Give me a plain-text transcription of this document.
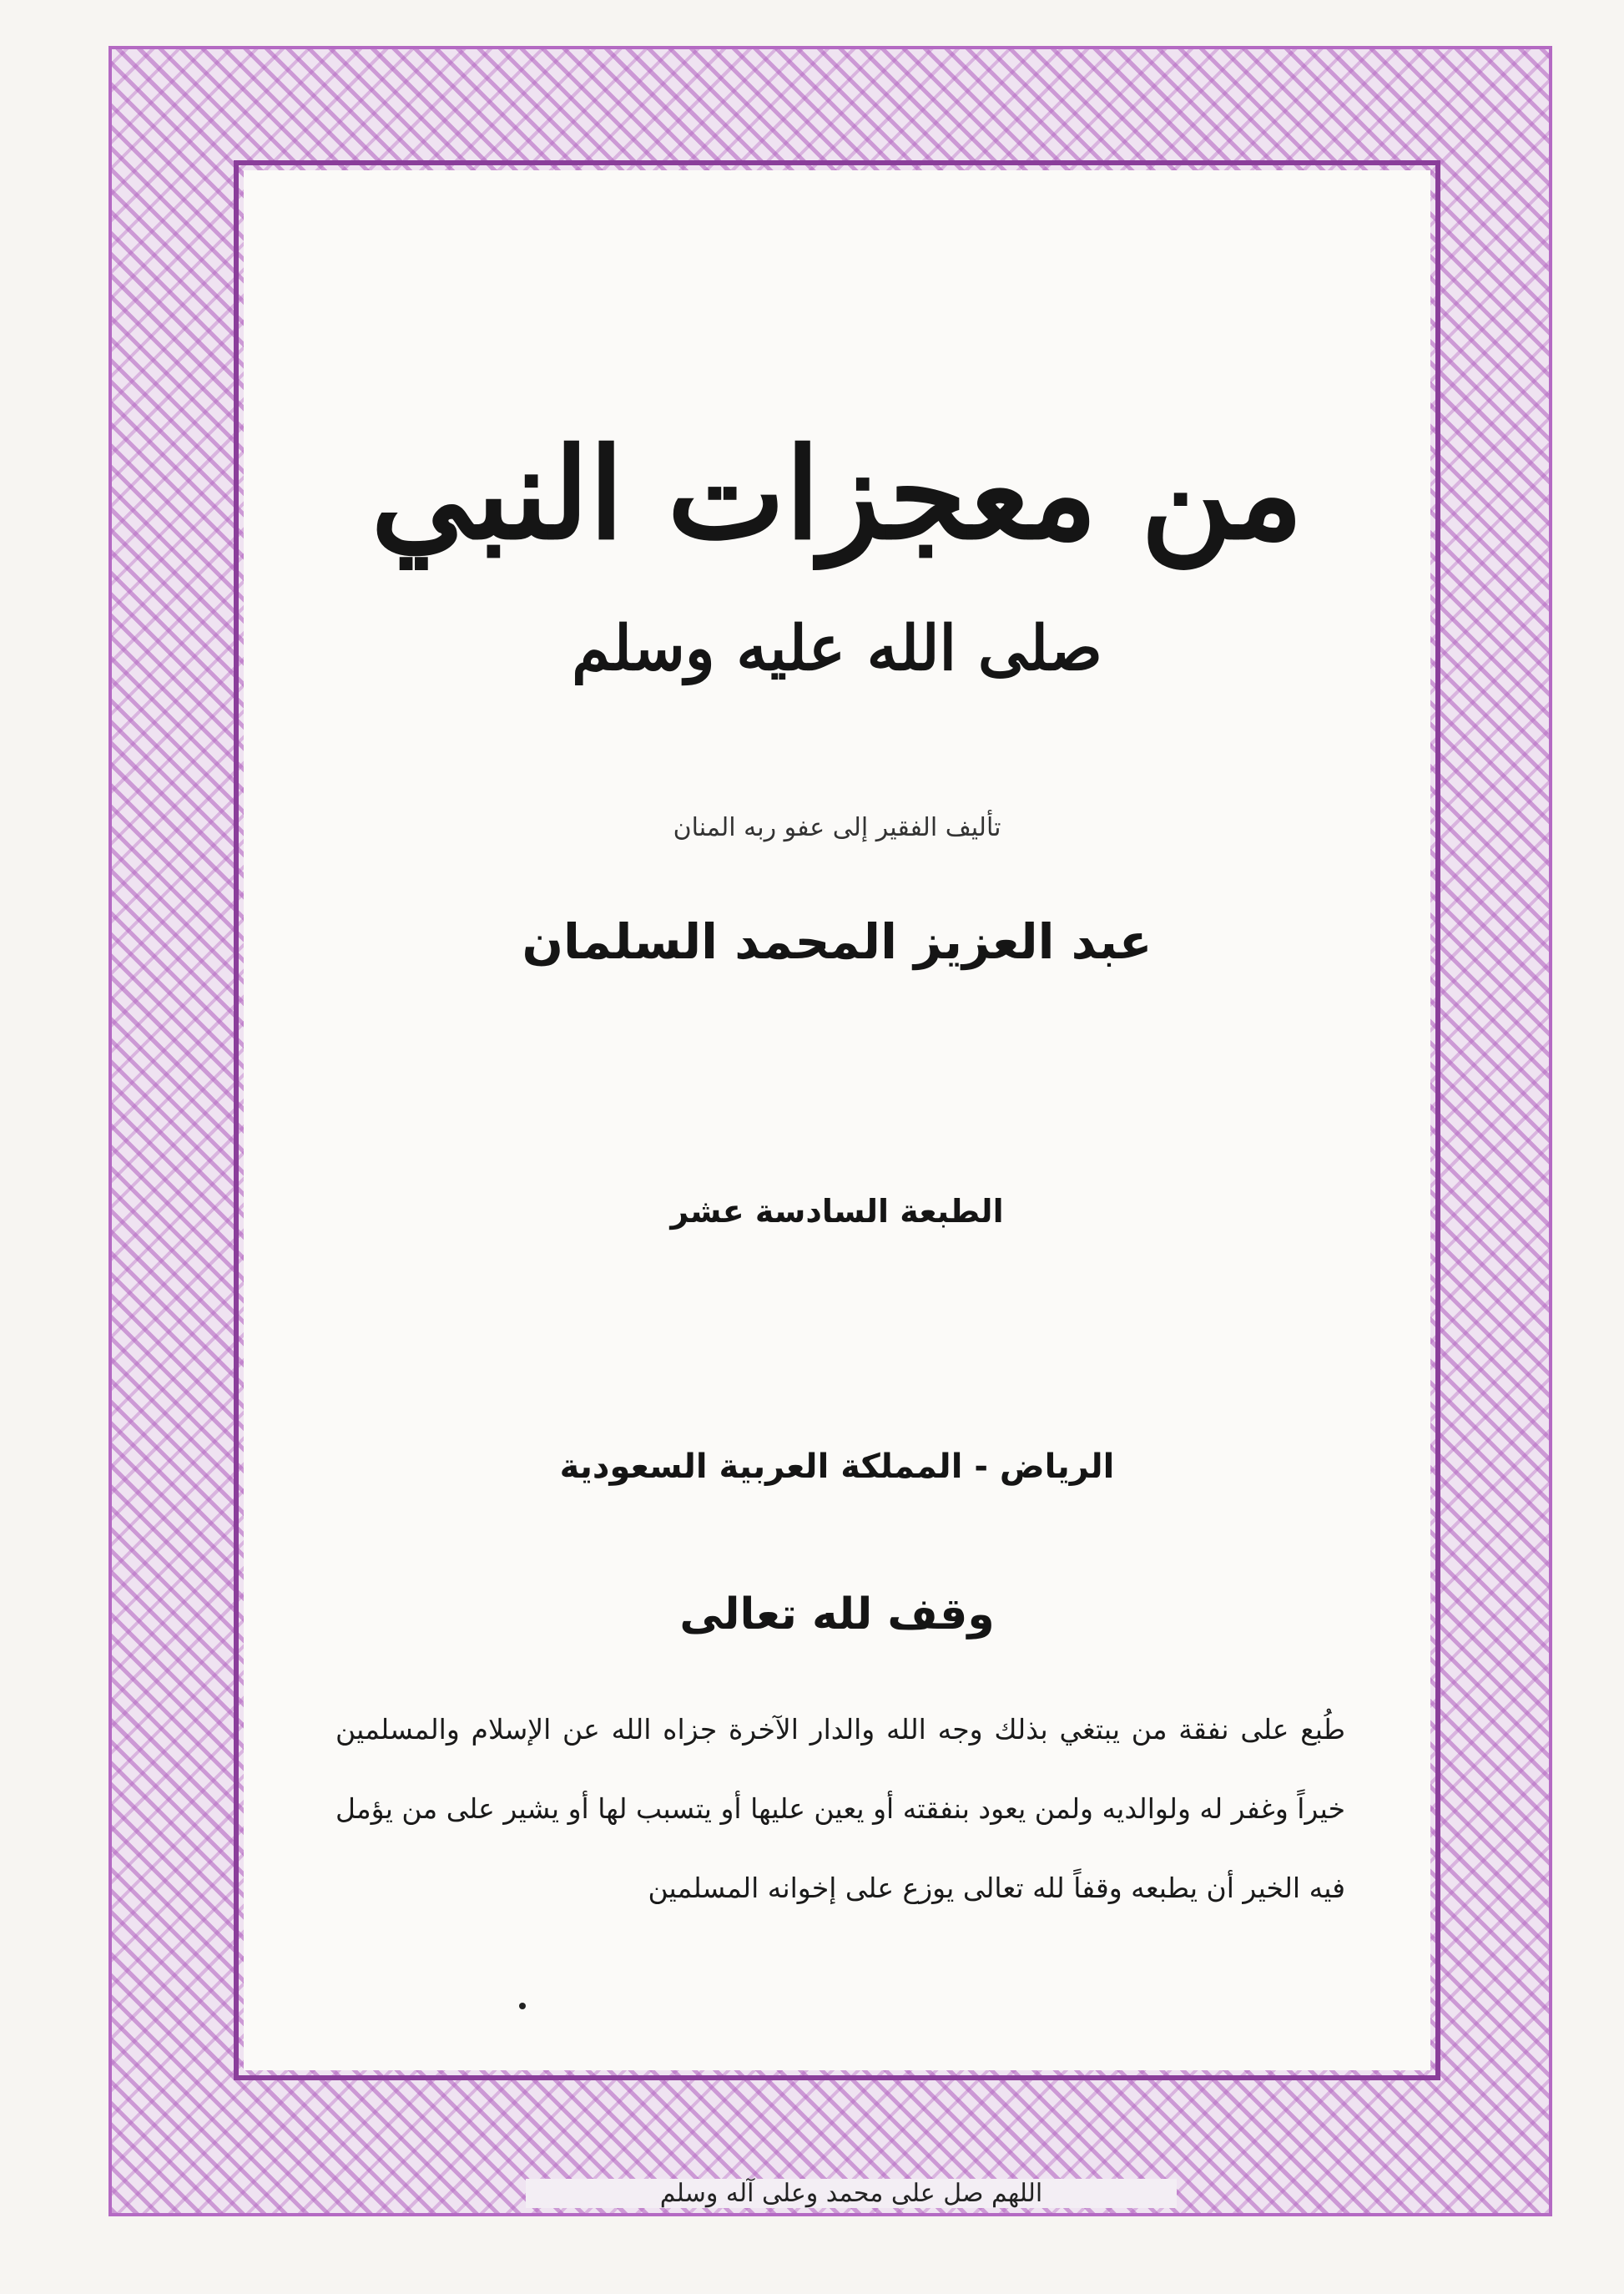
من معجزات النبي
صلى الله عليه وسلم
تأليف الفقير إلى عفو ربه المنان
عبد العزيز المحمد السلمان
الطبعة السادسة عشر
الرياض - المملكة العربية السعودية
وقف لله تعالى
طُبع على نفقة من يبتغي بذلك وجه الله والدار الآخرة جزاه الله عن الإسلام والمسلمين خيراً وغفر له ولوالديه ولمن يعود بنفقته أو يعين عليها أو يتسبب لها أو يشير على من يؤمل فيه الخير أن يطبعه وقفاً لله تعالى يوزع على إخوانه المسلمين
اللهم صل على محمد وعلى آله وسلم
